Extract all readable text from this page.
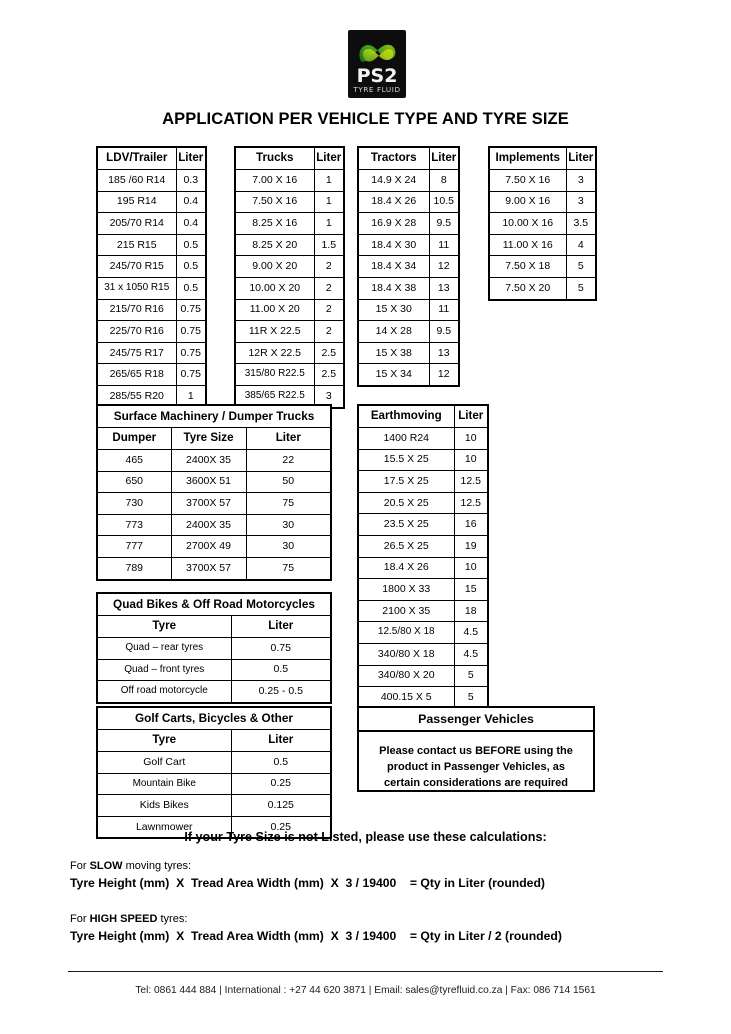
PS2
TYRE FLUID
APPLICATION PER VEHICLE TYPE AND TYRE SIZE
LDV/Trailer	Liter
185 /60 R14	0.3
195 R14	0.4
205/70 R14	0.4
215 R15	0.5
245/70 R15	0.5
31 x 1050 R15	0.5
215/70 R16	0.75
225/70 R16	0.75
245/75 R17	0.75
265/65 R18	0.75
285/55 R20	1
Trucks	Liter
7.00 X 16	1
7.50 X 16	1
8.25 X 16	1
8.25 X 20	1.5
9.00 X 20	2
10.00 X 20	2
11.00 X 20	2
11R X 22.5	2
12R X 22.5	2.5
315/80 R22.5	2.5
385/65 R22.5	3
Tractors	Liter
14.9 X 24	8
18.4 X 26	10.5
16.9 X 28	9.5
18.4 X 30	11
18.4 X 34	12
18.4 X 38	13
15 X 30	11
14 X 28	9.5
15 X 38	13
15 X 34	12
Implements	Liter
7.50 X 16	3
9.00 X 16	3
10.00 X 16	3.5
11.00 X 16	4
7.50 X 18	5
7.50 X 20	5
Surface Machinery / Dumper Trucks		
Dumper	Tyre Size	Liter
465	2400X 35	22
650	3600X 51	50
730	3700X 57	75
773	2400X 35	30
777	2700X 49	30
789	3700X 57	75
Earthmoving	Liter
1400 R24	10
15.5 X 25	10
17.5 X 25	12.5
20.5 X 25	12.5
23.5 X 25	16
26.5 X 25	19
18.4 X 26	10
1800 X 33	15
2100 X 35	18
12.5/80 X 18	4.5
340/80 X 18	4.5
340/80 X 20	5
400.15 X 5	5
Quad Bikes & Off Road Motorcycles	
Tyre	Liter
Quad – rear tyres	0.75
Quad – front tyres	0.5
Off road motorcycle	0.25 - 0.5
Golf Carts, Bicycles & Other	
Tyre	Liter
Golf Cart	0.5
Mountain Bike	0.25
Kids Bikes	0.125
Lawnmower	0.25
Passenger Vehicles
Please contact us BEFORE using the product in Passenger Vehicles, as certain considerations are required
If your Tyre Size is not Listed, please use these calculations:
For SLOW moving tyres:
Tyre Height (mm)  X  Tread Area Width (mm)  X  3 / 19400    = Qty in Liter (rounded)
For HIGH SPEED tyres:
Tyre Height (mm)  X  Tread Area Width (mm)  X  3 / 19400    = Qty in Liter / 2 (rounded)
Tel: 0861 444 884 | International : +27 44 620 3871 | Email: sales@tyrefluid.co.za | Fax: 086 714 1561
